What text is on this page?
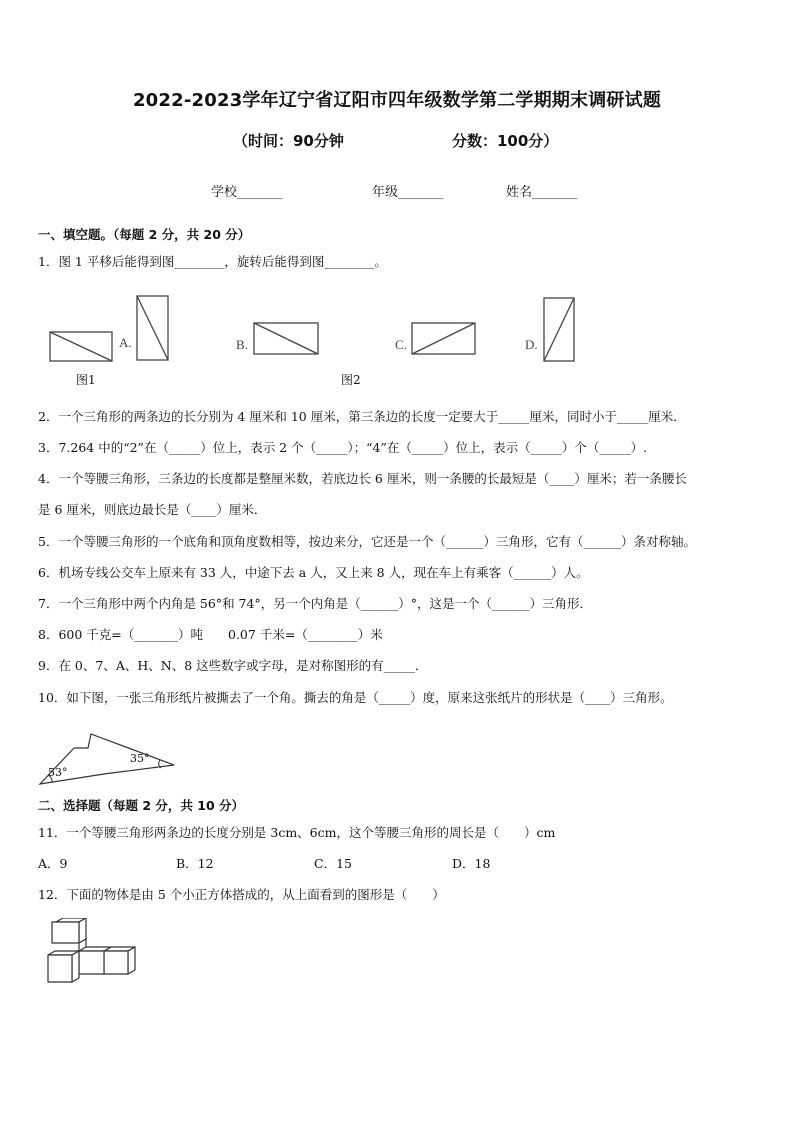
2022-2023学年辽宁省辽阳市四年级数学第二学期期末调研试题
（时间：90分钟	分数：100分）
学校_______	年级_______	姓名_______
一、填空题。（每题 2 分，共 20 分）
1．图 1 平移后能得到图________，旋转后能得到图________。
A.	B.	C.	D.
图1	图2
2．一个三角形的两条边的长分别为 4 厘米和 10 厘米，第三条边的长度一定要大于_____厘米，同时小于_____厘米．
3．7.264 中的“2”在（_____）位上，表示 2 个（_____）；“4”在（_____）位上，表示（_____）个（_____）.
4．一个等腰三角形，三条边的长度都是整厘米数，若底边长 6 厘米，则一条腰的长最短是（____）厘米；若一条腰长
是 6 厘米，则底边最长是（____）厘米．
5．一个等腰三角形的一个底角和顶角度数相等，按边来分，它还是一个（______）三角形，它有（______）条对称轴。
6．机场专线公交车上原来有 33 人，中途下去 a 人，又上来 8 人，现在车上有乘客（______）人。
7．一个三角形中两个内角是 56°和 74°，另一个内角是（______）°，这是一个（______）三角形．
8．600 千克=（_______）吨　　0.07 千米=（________）米
9．在 0、7、A、H、N、8 这些数字或字母，是对称图形的有_____．
10．如下图，一张三角形纸片被撕去了一个角。撕去的角是（_____）度，原来这张纸片的形状是（____）三角形。
53°
35°
二、选择题（每题 2 分，共 10 分）
11．一个等腰三角形两条边的长度分别是 3cm、6cm，这个等腰三角形的周长是（　　）cm
A．9	B．12	C．15	D．18
12．下面的物体是由 5 个小正方体搭成的，从上面看到的图形是（　　）
